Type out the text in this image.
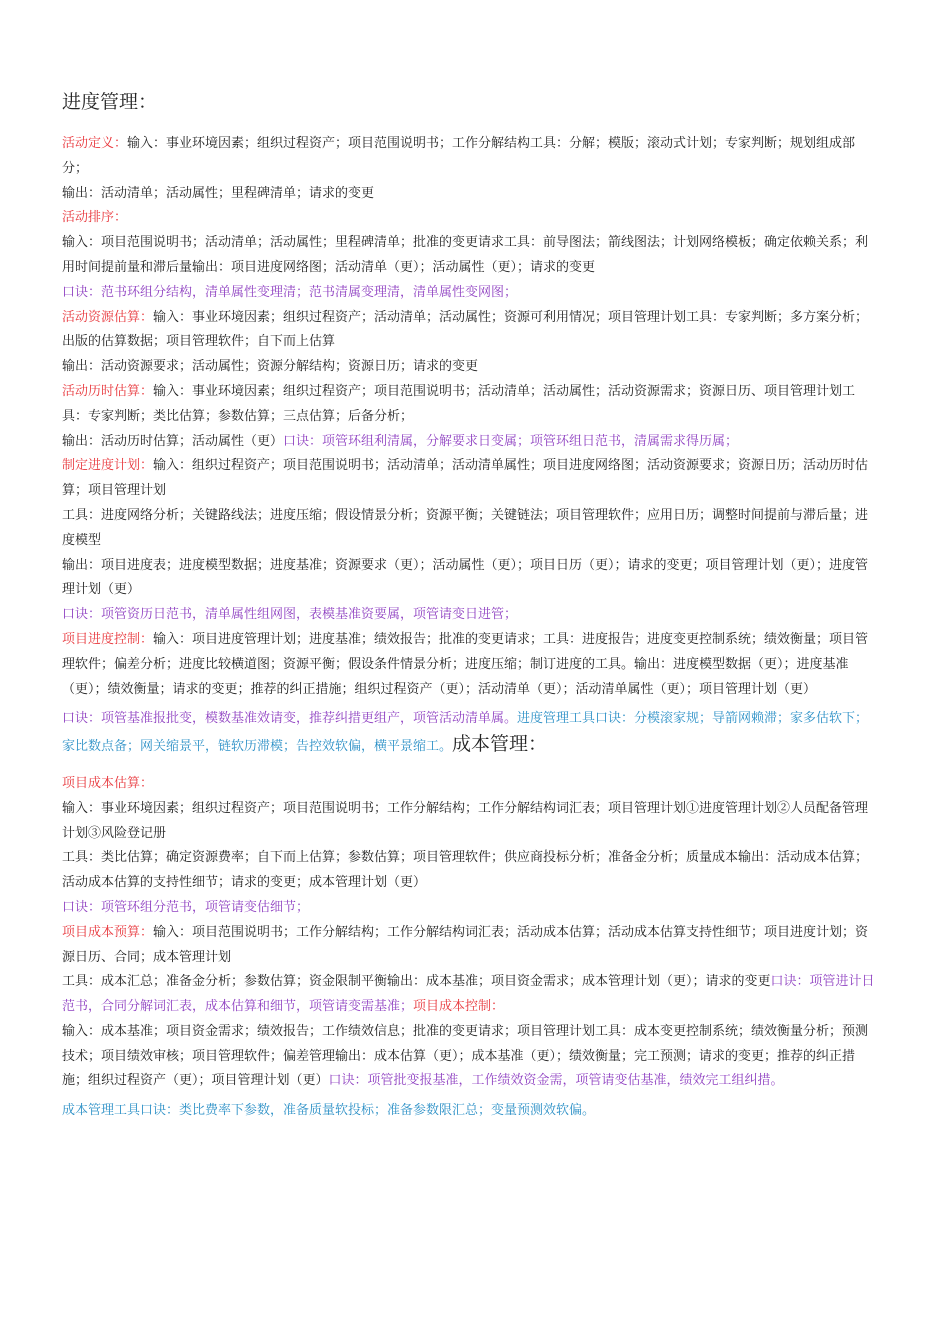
进度管理：

活动定义：输入：事业环境因素；组织过程资产；项目范围说明书；工作分解结构工具：分解；模版；滚动式计划；专家判断；规划组成部分；

输出：活动清单；活动属性；里程碑清单；请求的变更

活动排序：

输入：项目范围说明书；活动清单；活动属性；里程碑清单；批准的变更请求工具：前导图法；箭线图法；计划网络模板；确定依赖关系；利用时间提前量和滞后量输出：项目进度网络图；活动清单（更）；活动属性（更）；请求的变更

口诀：范书环组分结构，清单属性变理清；范书清属变理清，清单属性变网图；

活动资源估算：输入：事业环境因素；组织过程资产；活动清单；活动属性；资源可利用情况；项目管理计划工具：专家判断；多方案分析；出版的估算数据；项目管理软件；自下而上估算

输出：活动资源要求；活动属性；资源分解结构；资源日历；请求的变更

活动历时估算：输入：事业环境因素；组织过程资产；项目范围说明书；活动清单；活动属性；活动资源需求；资源日历、项目管理计划工具：专家判断；类比估算；参数估算；三点估算；后备分析；

输出：活动历时估算；活动属性（更）口诀：项管环组利清属，分解要求日变属；项管环组日范书，清属需求得历属；

制定进度计划：输入：组织过程资产；项目范围说明书；活动清单；活动清单属性；项目进度网络图；活动资源要求；资源日历；活动历时估算；项目管理计划

工具：进度网络分析；关键路线法；进度压缩；假设情景分析；资源平衡；关键链法；项目管理软件；应用日历；调整时间提前与滞后量；进度模型

输出：项目进度表；进度模型数据；进度基准；资源要求（更）；活动属性（更）；项目日历（更）；请求的变更；项目管理计划（更）；进度管理计划（更）

口诀：项管资历日范书，清单属性组网图，表模基准资要属，项管请变日进管；

项目进度控制：输入：项目进度管理计划；进度基准；绩效报告；批准的变更请求；工具：进度报告；进度变更控制系统；绩效衡量；项目管理软件；偏差分析；进度比较横道图；资源平衡；假设条件情景分析；进度压缩；制订进度的工具。输出：进度模型数据（更）；进度基准（更）；绩效衡量；请求的变更；推荐的纠正措施；组织过程资产（更）；活动清单（更）；活动清单属性（更）；项目管理计划（更）

口诀：项管基准报批变，模数基准效请变，推荐纠措更组产，项管活动清单属。进度管理工具口诀：分模滚家规；导箭网赖滞；家多估软下；家比数点备；网关缩景平，链软历滞模；告控效软偏，横平景缩工。成本管理：

项目成本估算：

输入：事业环境因素；组织过程资产；项目范围说明书；工作分解结构；工作分解结构词汇表；项目管理计划①进度管理计划②人员配备管理计划③风险登记册

工具：类比估算；确定资源费率；自下而上估算；参数估算；项目管理软件；供应商投标分析；准备金分析；质量成本输出：活动成本估算；活动成本估算的支持性细节；请求的变更；成本管理计划（更）

口诀：项管环组分范书，项管请变估细节；

项目成本预算：输入：项目范围说明书；工作分解结构；工作分解结构词汇表；活动成本估算；活动成本估算支持性细节；项目进度计划；资源日历、合同；成本管理计划

工具：成本汇总；准备金分析；参数估算；资金限制平衡输出：成本基准；项目资金需求；成本管理计划（更）；请求的变更口诀：项管进计日范书，合同分解词汇表，成本估算和细节，项管请变需基准；项目成本控制：

输入：成本基准；项目资金需求；绩效报告；工作绩效信息；批准的变更请求；项目管理计划工具：成本变更控制系统；绩效衡量分析；预测技术；项目绩效审核；项目管理软件；偏差管理输出：成本估算（更）；成本基准（更）；绩效衡量；完工预测；请求的变更；推荐的纠正措施；组织过程资产（更）；项目管理计划（更）口诀：项管批变报基准，工作绩效资金需，项管请变估基准，绩效完工组纠措。

成本管理工具口诀：类比费率下参数，准备质量软投标；准备参数限汇总；变量预测效软偏。
